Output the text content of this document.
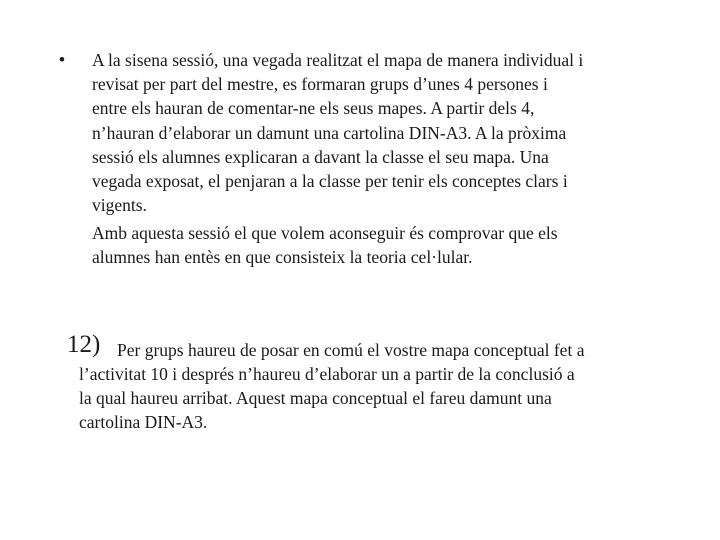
• A la sisena sessió, una vegada realitzat el mapa de manera individual i
revisat per part del mestre, es formaran grups d’unes 4 persones i
entre els hauran de comentar-ne els seus mapes. A partir dels 4,
n’hauran d’elaborar un damunt una cartolina DIN-A3. A la pròxima
sessió els alumnes explicaran a davant la classe el seu mapa. Una
vegada exposat, el penjaran a la classe per tenir els conceptes clars i
vigents.
Amb aquesta sessió el que volem aconseguir és comprovar que els
alumnes han entès en que consisteix la teoria cel·lular.
12) Per grups haureu de posar en comú el vostre mapa conceptual fet a
l’activitat 10 i després n’haureu d’elaborar un a partir de la conclusió a
la qual haureu arribat. Aquest mapa conceptual el fareu damunt una
cartolina DIN-A3.
